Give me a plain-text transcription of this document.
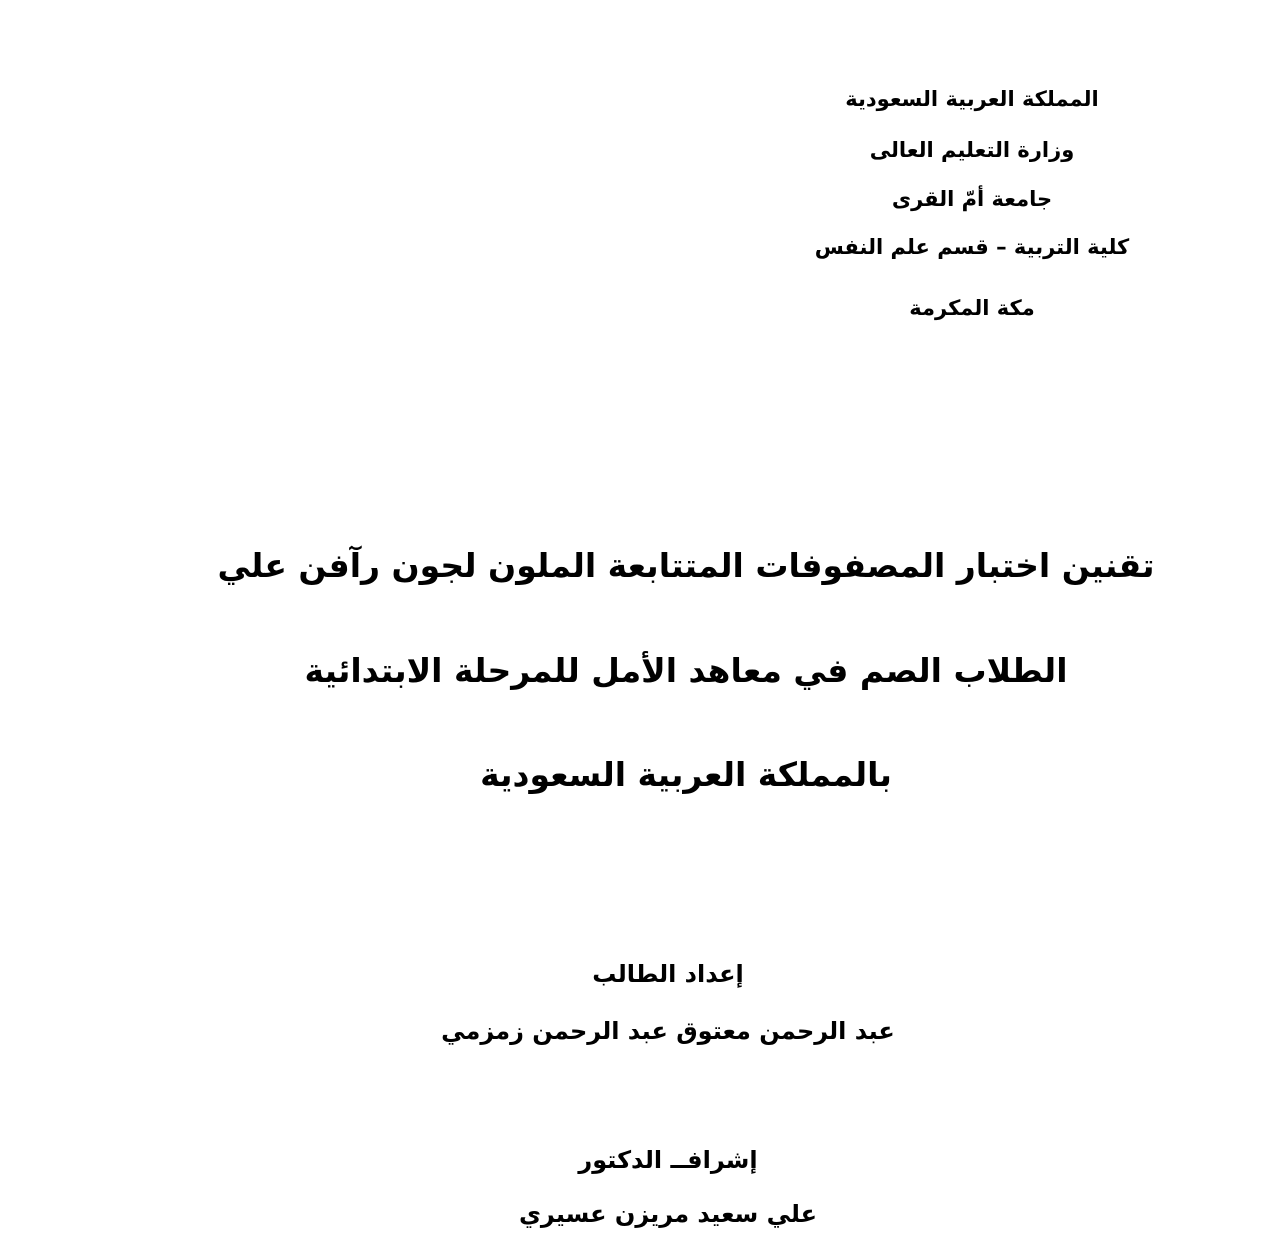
المملكة العربية السعودية
وزارة التعليم العالى
جامعة أمّ القرى
كلية التربية – قسم علم النفس
مكة المكرمة
تقنين اختبار المصفوفات المتتابعة الملون لجون رآفن علي
الطلاب الصم في معاهد الأمل للمرحلة الابتدائية
بالمملكة العربية السعودية
إعداد الطالب
عبد الرحمن معتوق عبد الرحمن زمزمي
إشرافــ الدكتور
علي سعيد مريزن عسيري
